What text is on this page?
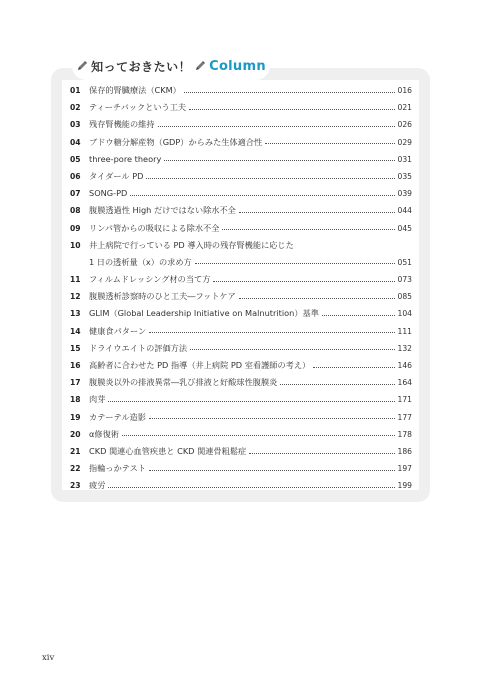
知っておきたい！ Column
01	保存的腎臓療法（CKM）	016
02	ティーチバックという工夫	021
03	残存腎機能の維持	026
04	ブドウ糖分解産物（GDP）からみた生体適合性	029
05	three-pore theory	031
06	タイダール PD	035
07	SONG-PD	039
08	腹膜透過性 High だけではない除水不全	044
09	リンパ管からの吸収による除水不全	045
10	井上病院で行っている PD 導入時の残存腎機能に応じた
1 日の透析量（x）の求め方	051
11	フィルムドレッシング材の当て方	073
12	腹膜透析診察時のひと工夫―フットケア	085
13	GLIM（Global Leadership Initiative on Malnutrition）基準	104
14	健康食パターン	111
15	ドライウエイトの評価方法	132
16	高齢者に合わせた PD 指導（井上病院 PD 室看護師の考え）	146
17	腹膜炎以外の排液異常―乳び排液と好酸球性腹膜炎	164
18	肉芽	171
19	カテーテル造影	177
20	α修復術	178
21	CKD 関連心血管疾患と CKD 関連骨粗鬆症	186
22	指輪っかテスト	197
23	疲労	199
xiv
